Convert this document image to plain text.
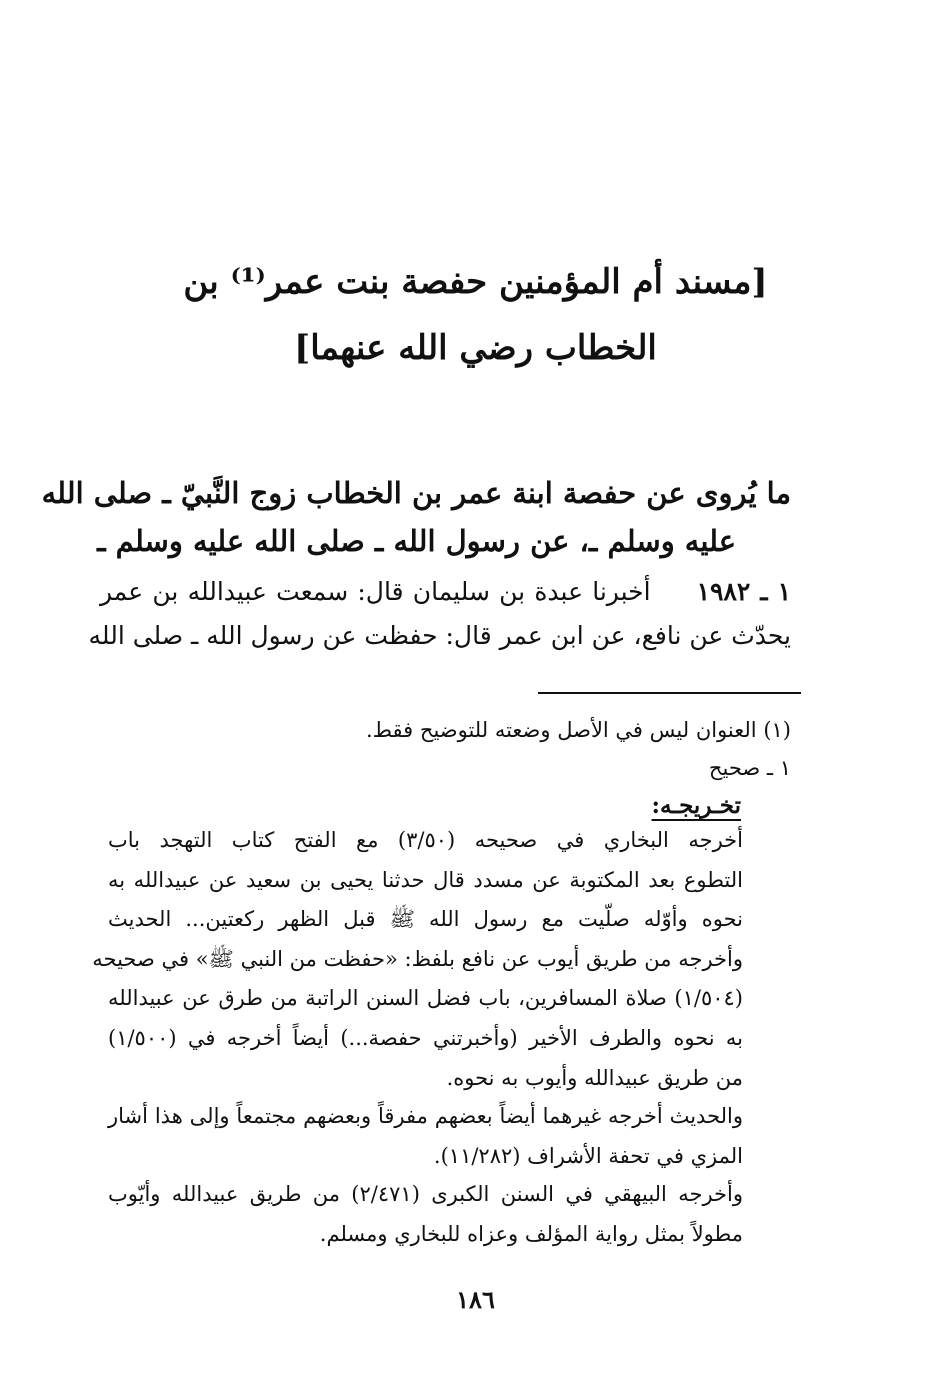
[مسند أم المؤمنين حفصة بنت عمر⁽¹⁾ بن
الخطاب رضي الله عنهما]
ما يُروى عن حفصة ابنة عمر بن الخطاب زوج النَّبيّ ـ صلى الله
عليه وسلم ـ، عن رسول الله ـ صلى الله عليه وسلم ـ
١ ـ ١٩٨٢     أخبرنا عبدة بن سليمان قال: سمعت عبيدالله بن عمر
يحدّث عن نافع، عن ابن عمر قال: حفظت عن رسول الله ـ صلى الله
(١) العنوان ليس في الأصل وضعته للتوضيح فقط.
١ ـ صحيح
تخـريجـه:
أخرجه البخاري في صحيحه (٣/٥٠) مع الفتح كتاب التهجد باب
التطوع بعد المكتوبة عن مسدد قال حدثنا يحيى بن سعيد عن عبيدالله به
نحوه وأوّله صلّيت مع رسول الله ﷺ قبل الظهر ركعتين... الحديث
وأخرجه من طريق أيوب عن نافع بلفظ: «حفظت من النبي ﷺ» في صحيحه
(١/٥٠٤) صلاة المسافرين، باب فضل السنن الراتبة من طرق عن عبيدالله
به نحوه والطرف الأخير (وأخبرتني حفصة...) أيضاً أخرجه في (١/٥٠٠)
من طريق عبيدالله وأيوب به نحوه.
والحديث أخرجه غيرهما أيضاً بعضهم مفرقاً وبعضهم مجتمعاً وإلى هذا أشار
المزي في تحفة الأشراف (١١/٢٨٢).
وأخرجه البيهقي في السنن الكبرى (٢/٤٧١) من طريق عبيدالله وأيّوب
مطولاً بمثل رواية المؤلف وعزاه للبخاري ومسلم.
١٨٦
